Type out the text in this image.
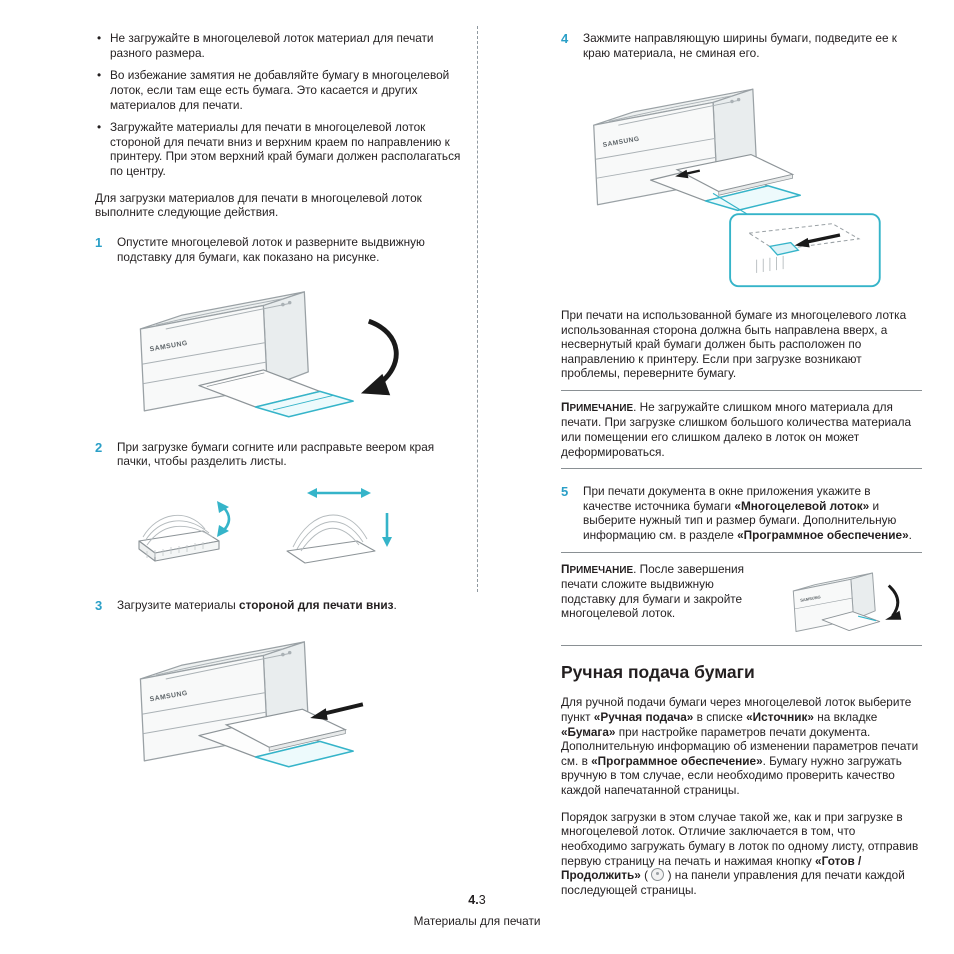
• Не загружайте в многоцелевой лоток материал для печати разного размера.
• Во избежание замятия не добавляйте бумагу в многоцелевой лоток, если там еще есть бумага. Это касается и других материалов для печати.
• Загружайте материалы для печати в многоцелевой лоток стороной для печати вниз и верхним краем по направлению к принтеру. При этом верхний край бумаги должен располагаться по центру.

Для загрузки материалов для печати в многоцелевой лоток выполните следующие действия.

1	Опустите многоцелевой лоток и разверните выдвижную подставку для бумаги, как показано на рисунке.
SAMSUNG
2	При загрузке бумаги согните или расправьте веером края пачки, чтобы разделить листы.
3	Загрузите материалы стороной для печати вниз.
SAMSUNG
4	Зажмите направляющую ширины бумаги, подведите ее к краю материала, не сминая его.
SAMSUNG

При печати на использованной бумаге из многоцелевого лотка использованная сторона должна быть направлена вверх, а несвернутый край бумаги должен быть расположен по направлению к принтеру. Если при загрузке возникают проблемы, переверните бумагу.

ПРИМЕЧАНИЕ. Не загружайте слишком много материала для печати. При загрузке слишком большого количества материала или помещении его слишком далеко в лоток он может деформироваться.

5	При печати документа в окне приложения укажите в качестве источника бумаги «Многоцелевой лоток» и выберите нужный тип и размер бумаги. Дополнительную информацию см. в разделе «Программное обеспечение».

ПРИМЕЧАНИЕ. После завершения печати сложите выдвижную подставку для бумаги и закройте многоцелевой лоток.

SAMSUNG
Ручная подача бумаги

Для ручной подачи бумаги через многоцелевой лоток выберите пункт «Ручная подача» в списке «Источник» на вкладке «Бумага» при настройке параметров печати документа. Дополнительную информацию об изменении параметров печати см. в «Программное обеспечение». Бумагу нужно загружать вручную в том случае, если необходимо проверить качество каждой напечатанной страницы.

Порядок загрузки в этом случае такой же, как и при загрузке в многоцелевой лоток. Отличие заключается в том, что необходимо загружать бумагу в лоток по одному листу, отправив первую страницу на печать и нажимая кнопку «Готов / Продолжить» (  ) на панели управления для печати каждой последующей страницы.

4.3
Материалы для печати
